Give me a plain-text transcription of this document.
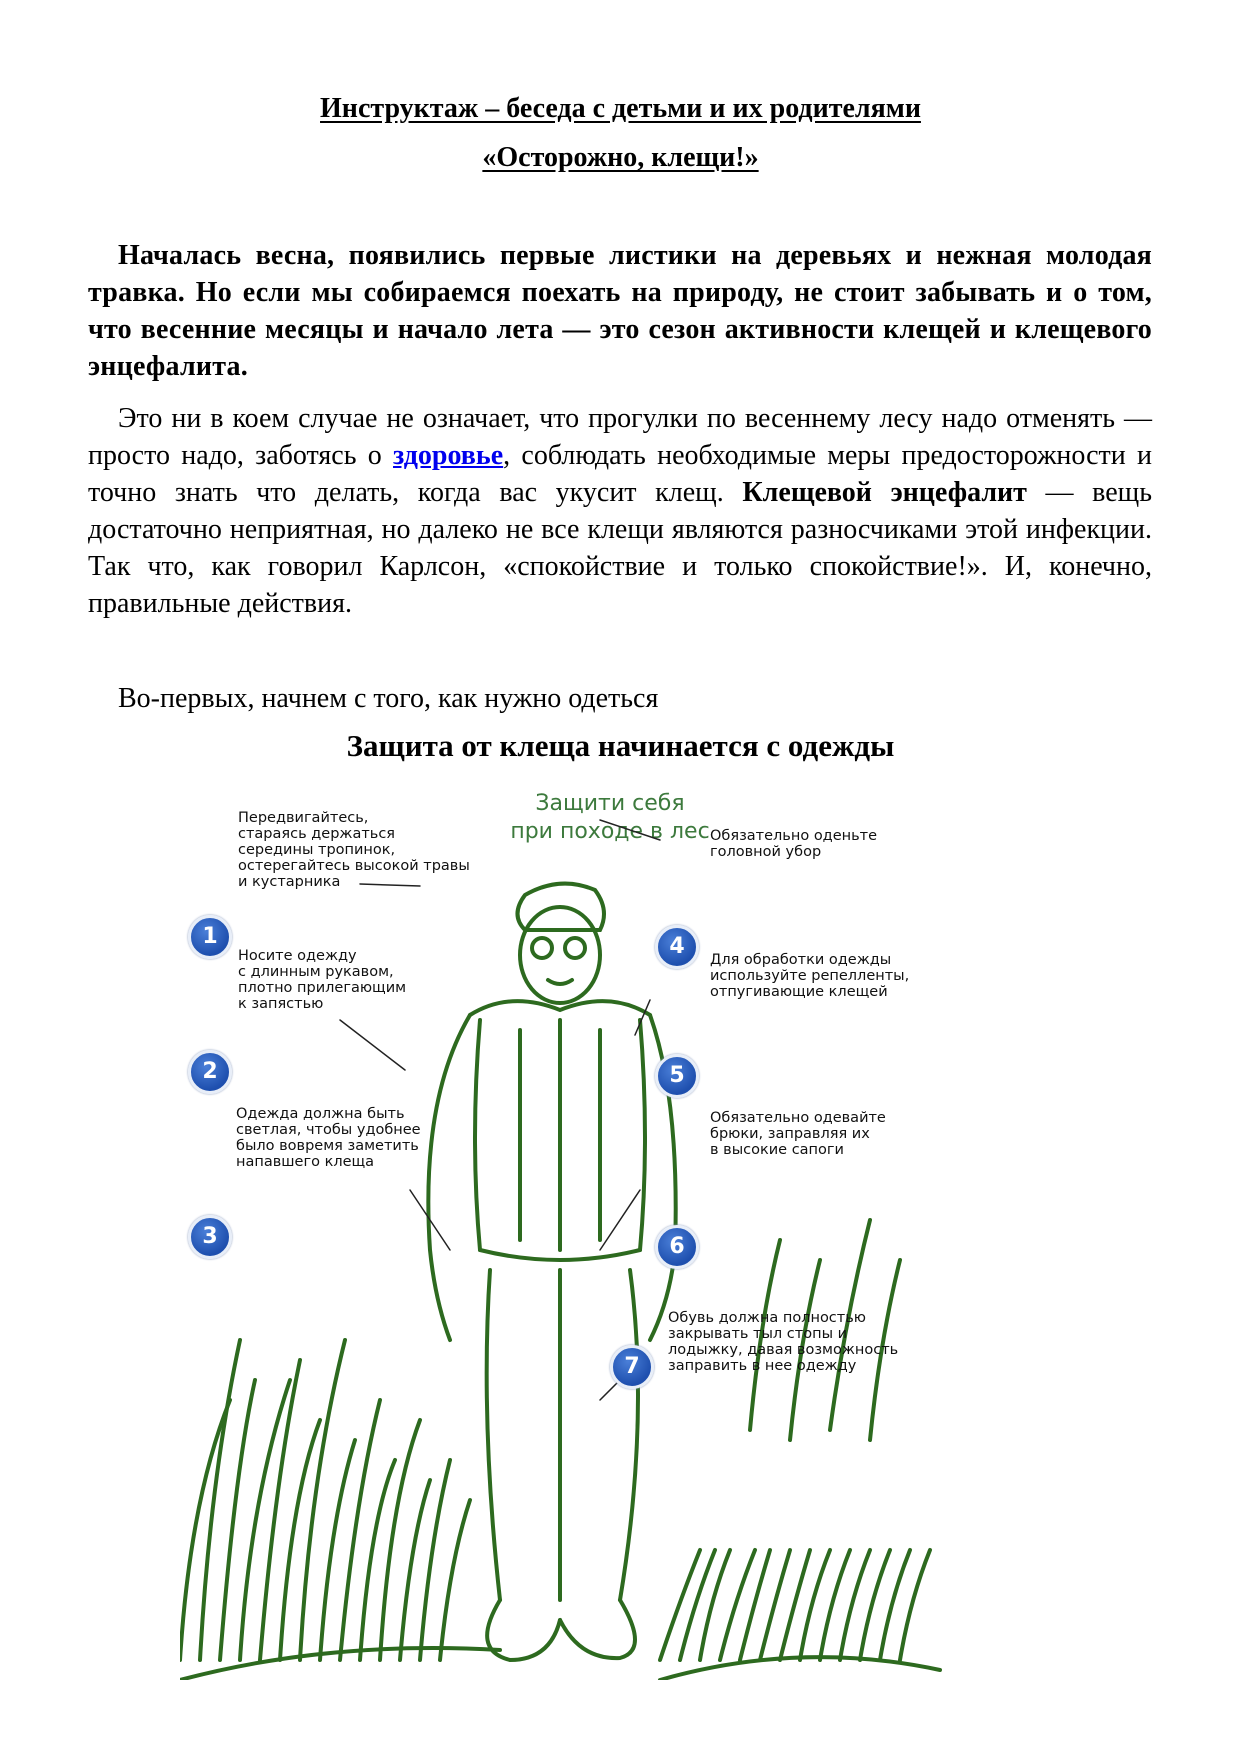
Инструктаж – беседа с детьми и их родителями
«Осторожно, клещи!»

Началась весна, появились первые листики на деревьях и нежная молодая травка. Но если мы собираемся поехать на природу, не стоит забывать и о том, что весенние месяцы и начало лета — это сезон активности клещей и клещевого энцефалита.

Это ни в коем случае не означает, что прогулки по весеннему лесу надо отменять — просто надо, заботясь о здоровье, соблюдать необходимые меры предосторожности и точно знать что делать, когда вас укусит клещ. Клещевой энцефалит — вещь достаточно неприятная, но далеко не все клещи являются разносчиками этой инфекции. Так что, как говорил Карлсон, «спокойствие и только спокойствие!». И, конечно, правильные действия.

Во-первых, начнем с того, как нужно одеться

Защита от клеща начинается с одежды
Защити себя
при походе в лес
1
Передвигайтесь,
стараясь держаться
середины тропинок,
остерегайтесь высокой травы
и кустарника
2
Носите одежду
с длинным рукавом,
плотно прилегающим
к запястью
3
Одежда должна быть
светлая, чтобы удобнее
было вовремя заметить
напавшего клеща
4
Обязательно оденьте
головной убор
5
Для обработки одежды
используйте репелленты,
отпугивающие клещей
6
Обязательно одевайте
брюки, заправляя их
в высокие сапоги
7
Обувь должна полностью
закрывать тыл стопы и
лодыжку, давая возможность
заправить в нее одежду
